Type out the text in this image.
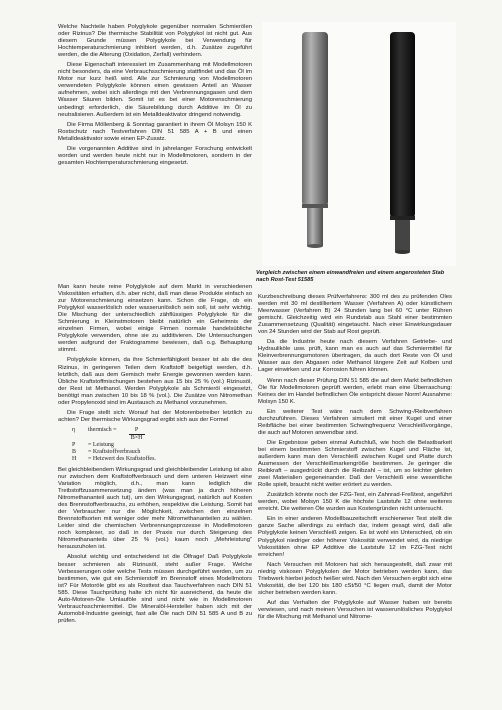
Welche Nachteile haben Polyglykole gegenüber normalen Schmierölen oder Rizinus? Die thermische Stabilität von Polyglykol ist nicht gut. Aus diesem Grunde müssen Polyglykole bei Verwendung für Hochtemperaturschmierung inhibiert werden, d.h. Zusätze zugeführt werden, die die Alterung (Oxidation, Zerfall) verhindern.

Diese Eigenschaft interessiert im Zusammenhang mit Modellmotoren nicht besonders, da eine Verbrauchsschmierung stattfindet und das Öl im Motor nur kurz heiß wird. Alle zur Schmierung von Modellmotoren verwendeten Polyglykole können einen gewissen Anteil an Wasser aufnehmen, wobei sich allerdings mit den Verbrennungsgasen und dem Wasser Säuren bilden. Somit ist es bei einer Motorenschmierung unbedingt erforderlich, die Säurebildung durch Additive im Öl zu neutralisieren. Außerdem ist ein Metalldeaktivator dringend notwendig.

Die Firma Möllenberg & Sonntag garantiert in ihrem Öl Molsyn 150 K Rostschutz nach Testverfahren DIN 51 585 A + B und einen Metalldeaktivator sowie einen EP-Zusatz.

Die vorgenannten Additive sind in jahrelanger Forschung entwickelt worden und werden heute nicht nur in Modellmotoren, sondern in der gesamten Hochtemperaturschmierung eingesetzt.

Man kann heute reine Polyglykole auf dem Markt in verschiedenen Viskositäten erhalten, d.h. aber nicht, daß man diese Produkte einfach so zur Motorenschmierung einsetzen kann. Schon die Frage, ob ein Polyglykol wasserlöslich oder wasserunlöslich sein soll, ist sehr wichtig. Die Mischung der unterschiedlich zähflüssigen Polyglykole für die Schmierung in Kleinstmotoren bleibt natürlich ein Geheimnis der einzelnen Firmen, wobei einige Firmen normale handelsübliche Polyglykole verwenden, ohne sie zu additivieren. Die Untersuchungen werden aufgrund der Fraktogramme bewiesen, daß o.g. Behauptung stimmt.

Polyglykole können, da ihre Schmierfähigkeit besser ist als die des Rizinus, in geringeren Teilen dem Kraftstoff beigefügt werden, d.h. letztlich, daß aus dem Gemisch mehr Energie gewonnen werden kann. Übliche Kraftstoffmischungen bestehen aus 15 bis 25 % (vol.) Rizinusöl, der Rest ist Methanol. Werden Polyglykole als Schmieröl eingesetzt, benötigt man zwischen 10 bis 18 % (vol.). Die Zusätze von Nitromethan oder Propylenoxid sind im Austausch zu Methanol vorzunehmen.

Die Frage stellt sich: Worauf hat der Motorenbetreiber letztlich zu achten? Der thermische Wirkungsgrad ergibt sich aus der Formel

η	thermisch = $\frac{P}{B\times H}$
P	= Leistung
B	= Kraftstoffverbrauch
H	= Heizwert des Kraftstoffes.

Bei gleichbleibendem Wirkungsgrad und gleichbleibender Leistung ist also nur zwischen dem Kraftstoffverbrauch und dem unteren Heizwert eine Variation möglich, d.h., man kann lediglich die Treibstoffzusammensetzung ändern (was man ja durch höheren Nitromethananteil auch tut), um den Wirkungsgrad, natürlich auf Kosten des Brennstoffverbrauchs, zu erhöhen, respektive die Leistung. Somit hat der Verbraucher nur die Möglichkeit, zwischen den einzelnen Brennstoffsorten mit weniger oder mehr Nitromethananteilen zu wählen. Leider sind die chemischen Verbrennungsprozesse in Modellmotoren noch komplexer, so daß in der Praxis nur durch Steigerung des Nitromethananteils über 25 % (vol.) kaum noch „Mehrleistung“ herauszuholen ist.

Absolut wichtig und entscheidend ist die Ölfrage! Daß Polyglykole besser schmieren als Rizinusöl, steht außer Frage. Welche Verbesserungen oder welche Tests müssen durchgeführt werden, um zu bestimmen, wie gut ein Schmierstoff im Brennstoff eines Modellmotors ist? Für Motoröle gibt es als Rosttest das Tauchverfahren nach DIN 51 585. Diese Tauchprüfung halte ich nicht für ausreichend, da heute die Auto-Motoren-Öle Umlauföle sind und nicht wie in Modellmotoren Verbrauchsschmiermittel. Die Mineralöl-Hersteller haben sich mit der Automobil-Industrie geeinigt, fast alle Öle nach DIN 51 585 A und B zu prüfen.

Vergleich zwischen einem einwandfreien und einem angerosteten Stab nach Rost-Test 51585

Kurzbeschreibung dieses Prüfverfahrens: 300 ml des zu prüfenden Öles werden mit 30 ml destilliertem Wasser (Verfahren A) oder künstlichem Meerwasser (Verfahren B) 24 Stunden lang bei 60 °C unter Rühren gemischt. Gleichzeitig wird ein Rundstab aus Stahl einer bestimmten Zusammensetzung (Qualität) eingetaucht. Nach einer Einwirkungsdauer von 24 Stunden wird der Stab auf Rost geprüft.

Da die Industrie heute nach diesem Verfahren Getriebe- und Hydrauliköle usw. prüft, kann man es auch auf das Schmiermittel für Kleinverbrennungsmotoren übertragen, da auch dort Reste von Öl und Wasser aus den Abgasen oder Methanol längere Zeit auf Kolben und Lager einwirken und zur Korrosion führen können.

Wenn nach dieser Prüfung DIN 51 585 die auf dem Markt befindlichen Öle für Modellmotoren geprüft werden, erlebt man eine Überraschung: Keines der im Handel befindlichen Öle entspricht dieser Norm! Ausnahme: Molsyn 150 K.

Ein weiterer Test wäre nach dem Schwing-/Reibverfahren durchzuführen. Dieses Verfahren simuliert mit einer Kugel und einer Reibfläche bei einer bestimmten Schwingfrequenz Verschleißvorgänge, die auch auf Motoren anwendbar sind.

Die Ergebnisse geben einmal Aufschluß, wie hoch die Belastbarkeit bei einem bestimmten Schmierstoff zwischen Kugel und Fläche ist, außerdem kann man den Verschleiß zwischen Kugel und Platte durch Ausmessen der Verschleißmarkengröße bestimmen. Je geringer die Reibkraft – ausgedrückt durch die Reibzahl – ist, um so leichter gleiten zwei Materialien gegeneinander. Daß der Verschleiß eine wesentliche Rolle spielt, braucht nicht weiter erörtert zu werden.

Zusätzlich könnte noch der FZG-Test, ein Zahnrad-Freßtest, angeführt werden, wobei Molsyn 150 K die höchste Laststufe 12 ohne weiteres erreicht. Die weiteren Öle wurden aus Kostengründen nicht untersucht.

Ein in einer anderen Modellbauzeitschrift erschienener Test stellt die ganze Sache allerdings zu einfach dar, indem gesagt wird, daß alle Polyglykole keinen Verschleiß zeigen. Es ist wohl ein Unterschied, ob ein Polyglykol niedriger oder höherer Viskosität verwendet wird, da niedrige Viskositäten ohne EP Additive die Laststufe 12 im FZG-Test nicht erreichen!

Nach Versuchen mit Motoren hat sich herausgestellt, daß zwar mit niedrig viskosen Polyglykolen der Motor betrieben werden kann, das Triebwerk hierbei jedoch heißer wird. Nach den Versuchen ergibt sich eine Viskosität, die bei 120 bis 180 cSt/50 °C liegen muß, damit der Motor sicher betrieben werden kann.

Auf das Verhalten der Polyglykole auf Wasser haben wir bereits verwiesen, und nach meinen Versuchen ist wasserunlösliches Polyglykol für die Mischung mit Methanol und Nitrome-
